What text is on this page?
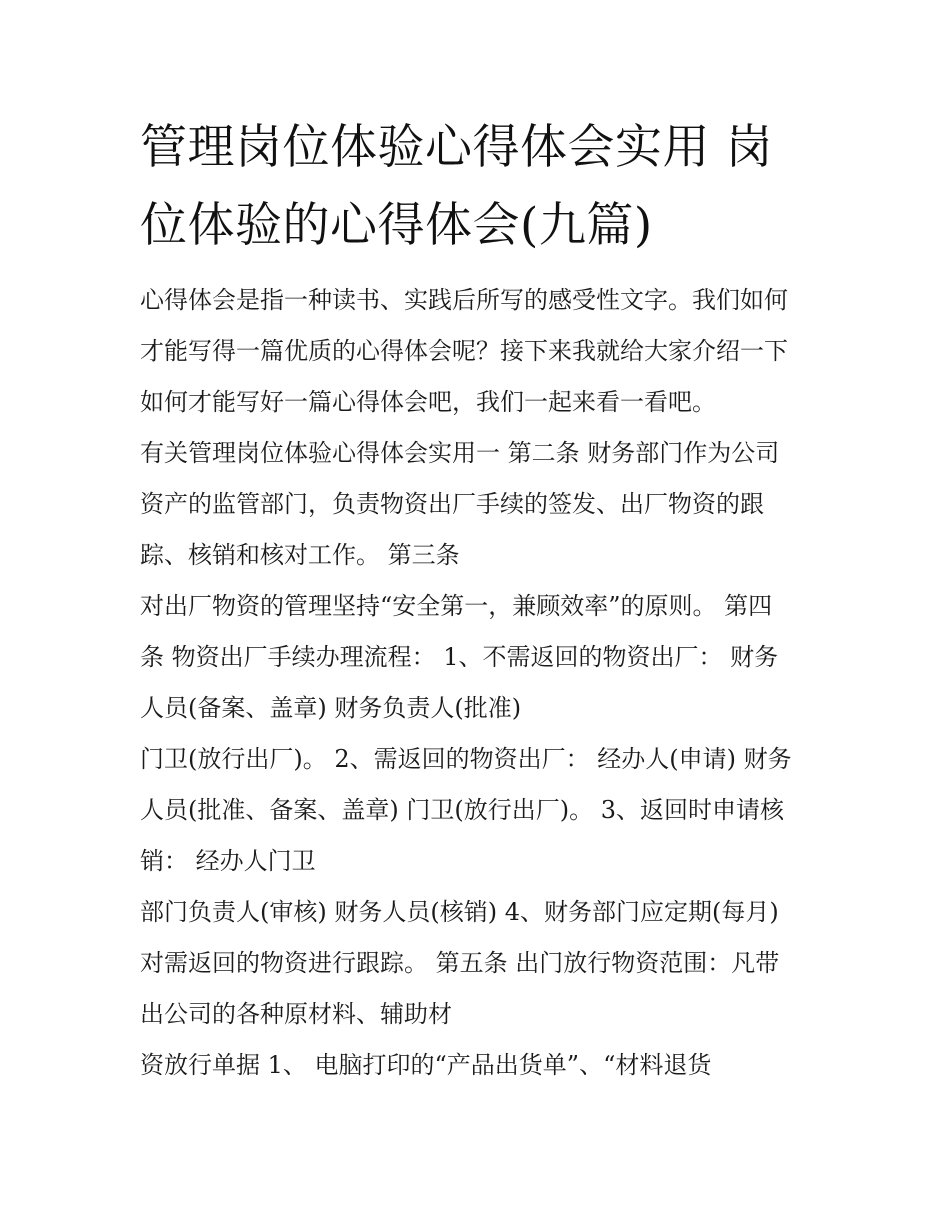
管理岗位体验心得体会实用 岗
位体验的心得体会(九篇)
心得体会是指一种读书、实践后所写的感受性文字。我们如何
才能写得一篇优质的心得体会呢？接下来我就给大家介绍一下
如何才能写好一篇心得体会吧，我们一起来看一看吧。
有关管理岗位体验心得体会实用一 第二条 财务部门作为公司
资产的监管部门，负责物资出厂手续的签发、出厂物资的跟
踪、核销和核对工作。 第三条
对出厂物资的管理坚持“安全第一，兼顾效率”的原则。 第四
条 物资出厂手续办理流程： 1、不需返回的物资出厂： 财务
人员(备案、盖章) 财务负责人(批准)
门卫(放行出厂)。 2、需返回的物资出厂： 经办人(申请) 财务
人员(批准、备案、盖章) 门卫(放行出厂)。 3、返回时申请核
销： 经办人门卫
部门负责人(审核) 财务人员(核销) 4、财务部门应定期(每月)
对需返回的物资进行跟踪。 第五条 出门放行物资范围：凡带
出公司的各种原材料、辅助材
资放行单据 1、 电脑打印的“产品出货单”、“材料退货
